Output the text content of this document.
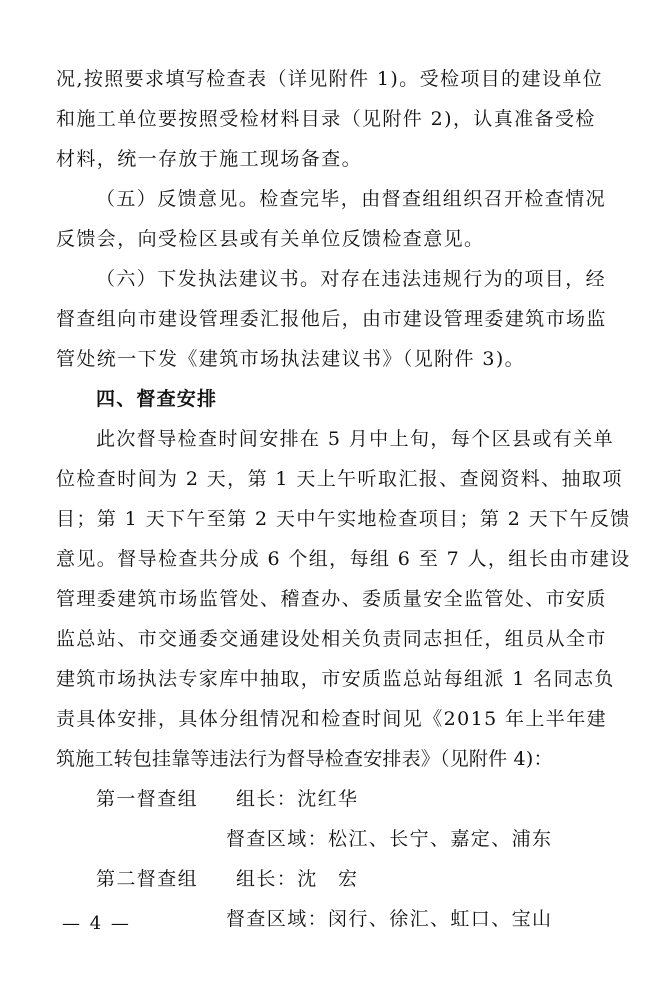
况,按照要求填写检查表（详见附件 1)。受检项目的建设单位
和施工单位要按照受检材料目录（见附件 2)，认真准备受检
材料，统一存放于施工现场备查。
（五）反馈意见。检查完毕，由督查组组织召开检查情况
反馈会，向受检区县或有关单位反馈检查意见。
（六）下发执法建议书。对存在违法违规行为的项目，经
督查组向市建设管理委汇报他后，由市建设管理委建筑市场监
管处统一下发《建筑市场执法建议书》（见附件 3)。
四、督查安排
此次督导检查时间安排在 5 月中上旬，每个区县或有关单
位检查时间为 2 天，第 1 天上午听取汇报、查阅资料、抽取项
目；第 1 天下午至第 2 天中午实地检查项目；第 2 天下午反馈
意见。督导检查共分成 6 个组，每组 6 至 7 人，组长由市建设
管理委建筑市场监管处、稽查办、委质量安全监管处、市安质
监总站、市交通委交通建设处相关负责同志担任，组员从全市
建筑市场执法专家库中抽取，市安质监总站每组派 1 名同志负
责具体安排，具体分组情况和检查时间见《2015 年上半年建
筑施工转包挂靠等违法行为督导检查安排表》（见附件 4)：
第一督查组 组长：沈红华
督查区域：松江、长宁、嘉定、浦东
第二督查组 组长：沈　宏
督查区域：闵行、徐汇、虹口、宝山
— 4 —
